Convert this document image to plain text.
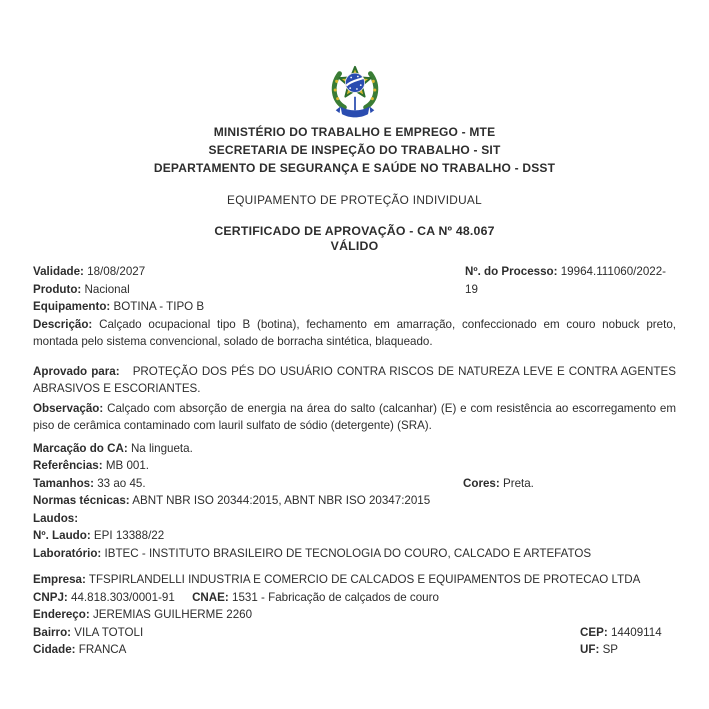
MINISTÉRIO DO TRABALHO E EMPREGO - MTE
SECRETARIA DE INSPEÇÃO DO TRABALHO - SIT
DEPARTAMENTO DE SEGURANÇA E SAÚDE NO TRABALHO - DSST
EQUIPAMENTO DE PROTEÇÃO INDIVIDUAL
CERTIFICADO DE APROVAÇÃO - CA Nº 48.067
VÁLIDO
Validade: 18/08/2027	Nº. do Processo: 19964.111060/2022-19
Produto: Nacional
Equipamento: BOTINA - TIPO B
Descrição: Calçado ocupacional tipo B (botina), fechamento em amarração, confeccionado em couro nobuck preto, montada pelo sistema convencional, solado de borracha sintética, blaqueado.
Aprovado para: PROTEÇÃO DOS PÉS DO USUÁRIO CONTRA RISCOS DE NATUREZA LEVE E CONTRA AGENTES ABRASIVOS E ESCORIANTES.
Observação: Calçado com absorção de energia na área do salto (calcanhar) (E) e com resistência ao escorregamento em piso de cerâmica contaminado com lauril sulfato de sódio (detergente) (SRA).
Marcação do CA: Na lingueta.
Referências: MB 001.
Tamanhos: 33 ao 45.	Cores: Preta.
Normas técnicas: ABNT NBR ISO 20344:2015, ABNT NBR ISO 20347:2015
Laudos:
Nº. Laudo: EPI 13388/22
Laboratório: IBTEC - INSTITUTO BRASILEIRO DE TECNOLOGIA DO COURO, CALCADO E ARTEFATOS
Empresa: TFSPIRLANDELLI INDUSTRIA E COMERCIO DE CALCADOS E EQUIPAMENTOS DE PROTECAO LTDA
CNPJ: 44.818.303/0001-91 CNAE: 1531 - Fabricação de calçados de couro
Endereço: JEREMIAS GUILHERME 2260
Bairro: VILA TOTOLI	CEP: 14409114
Cidade: FRANCA	UF: SP
